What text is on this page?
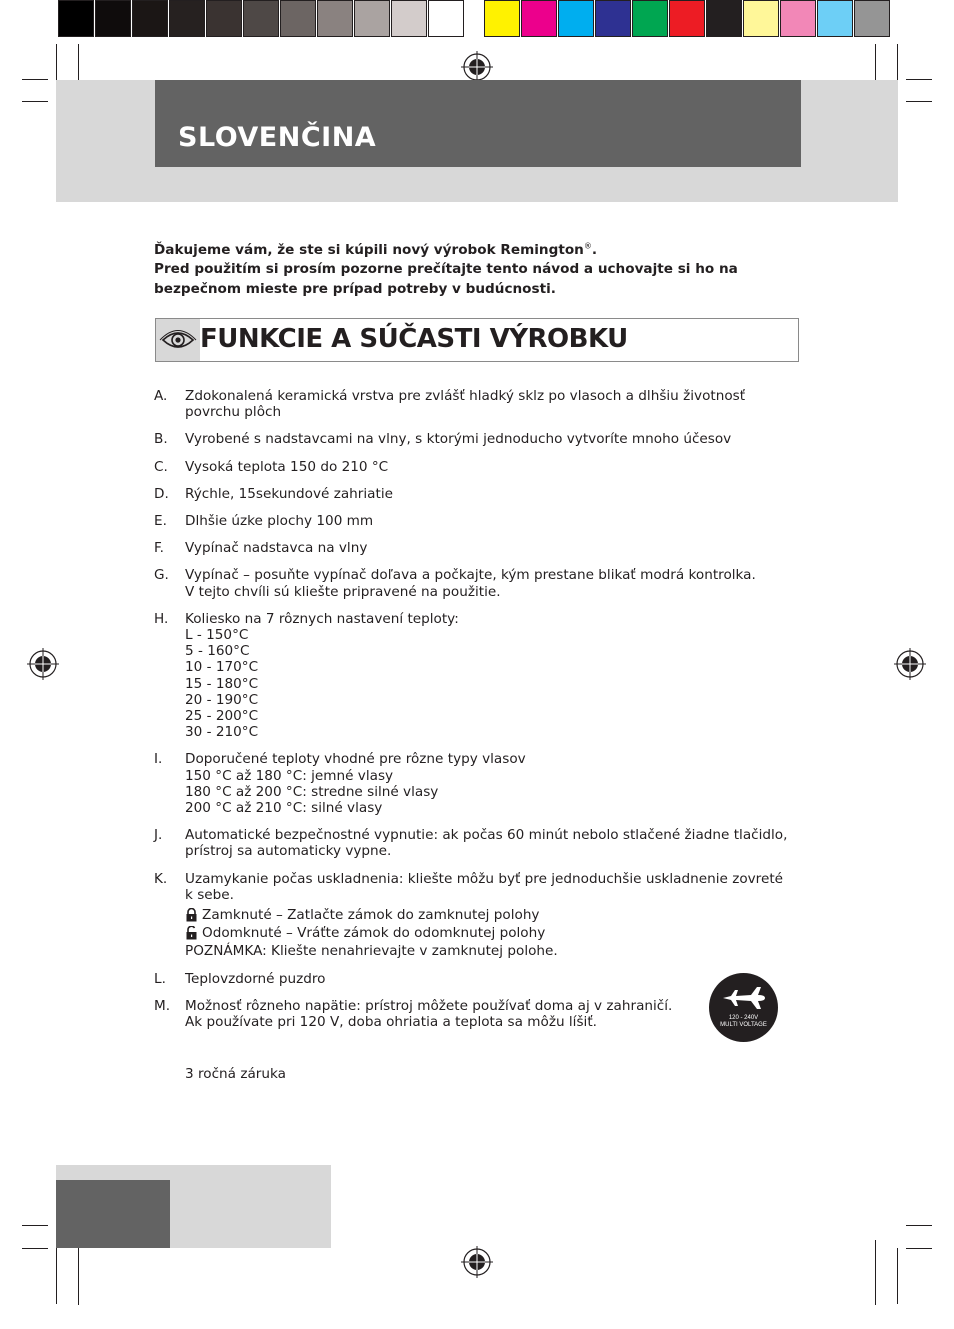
SLOVENČINA
Ďakujeme vám, že ste si kúpili nový výrobok Remington®.
Pred použitím si prosím pozorne prečítajte tento návod a uchovajte si ho na
bezpečnom mieste pre prípad potreby v budúcnosti.
FUNKCIE A SÚČASTI VÝROBKU
A.	Zdokonalená keramická vrstva pre zvlášť hladký sklz po vlasoch a dlhšiu životnosť
povrchu plôch
B.	Vyrobené s nadstavcami na vlny, s ktorými jednoducho vytvoríte mnoho účesov
C.	Vysoká teplota 150 do 210 °C
D.	Rýchle, 15sekundové zahriatie
E.	Dlhšie úzke plochy 100 mm
F.	Vypínač nadstavca na vlny
G.	Vypínač – posuňte vypínač doľava a počkajte, kým prestane blikať modrá kontrolka.
V tejto chvíli sú kliešte pripravené na použitie.
H.	Koliesko na 7 rôznych nastavení teploty:
L - 150°C
5 - 160°C
10 - 170°C
15 - 180°C
20 - 190°C
25 - 200°C
30 - 210°C
I.	Doporučené teploty vhodné pre rôzne typy vlasov
150 °C až 180 °C: jemné vlasy
180 °C až 200 °C: stredne silné vlasy
200 °C až 210 °C: silné vlasy
J.	Automatické bezpečnostné vypnutie: ak počas 60 minút nebolo stlačené žiadne tlačidlo,
prístroj sa automaticky vypne.
K.	Uzamykanie počas uskladnenia: kliešte môžu byť pre jednoduchšie uskladnenie zovreté
k sebe.
Zamknuté – Zatlačte zámok do zamknutej polohy
Odomknuté – Vráťte zámok do odomknutej polohy
POZNÁMKA: Kliešte nenahrievajte v zamknutej polohe.
L.	Teplovzdorné puzdro
M.	Možnosť rôzneho napätie: prístroj môžete používať doma aj v zahraničí.
Ak používate pri 120 V, doba ohriatia a teplota sa môžu líšiť.	120 - 240V
MULTI VOLTAGE
3 ročná záruka
